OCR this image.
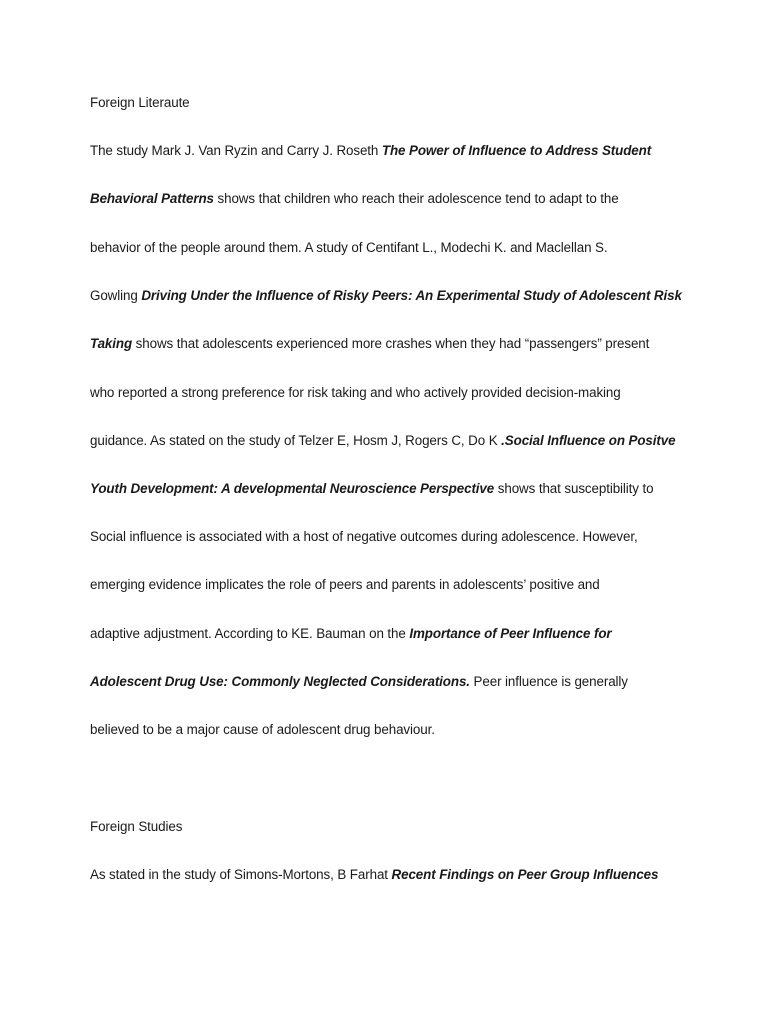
Foreign Literaute
The study Mark J. Van Ryzin and Carry J. Roseth The Power of Influence to Address Student
Behavioral Patterns shows that children who reach their adolescence tend to adapt to the
behavior of the people around them. A study of Centifant L., Modechi K. and Maclellan S.
Gowling Driving Under the Influence of Risky Peers: An Experimental Study of Adolescent Risk
Taking shows that adolescents experienced more crashes when they had “passengers” present
who reported a strong preference for risk taking and who actively provided decision-making
guidance. As stated on the study of Telzer E, Hosm J, Rogers C, Do K .Social Influence on Positve
Youth Development: A developmental Neuroscience Perspective shows that susceptibility to
Social influence is associated with a host of negative outcomes during adolescence. However,
emerging evidence implicates the role of peers and parents in adolescents’ positive and
adaptive adjustment. According to KE. Bauman on the Importance of Peer Influence for
Adolescent Drug Use: Commonly Neglected Considerations. Peer influence is generally
believed to be a major cause of adolescent drug behaviour.
Foreign Studies
As stated in the study of Simons-Mortons, B Farhat Recent Findings on Peer Group Influences
